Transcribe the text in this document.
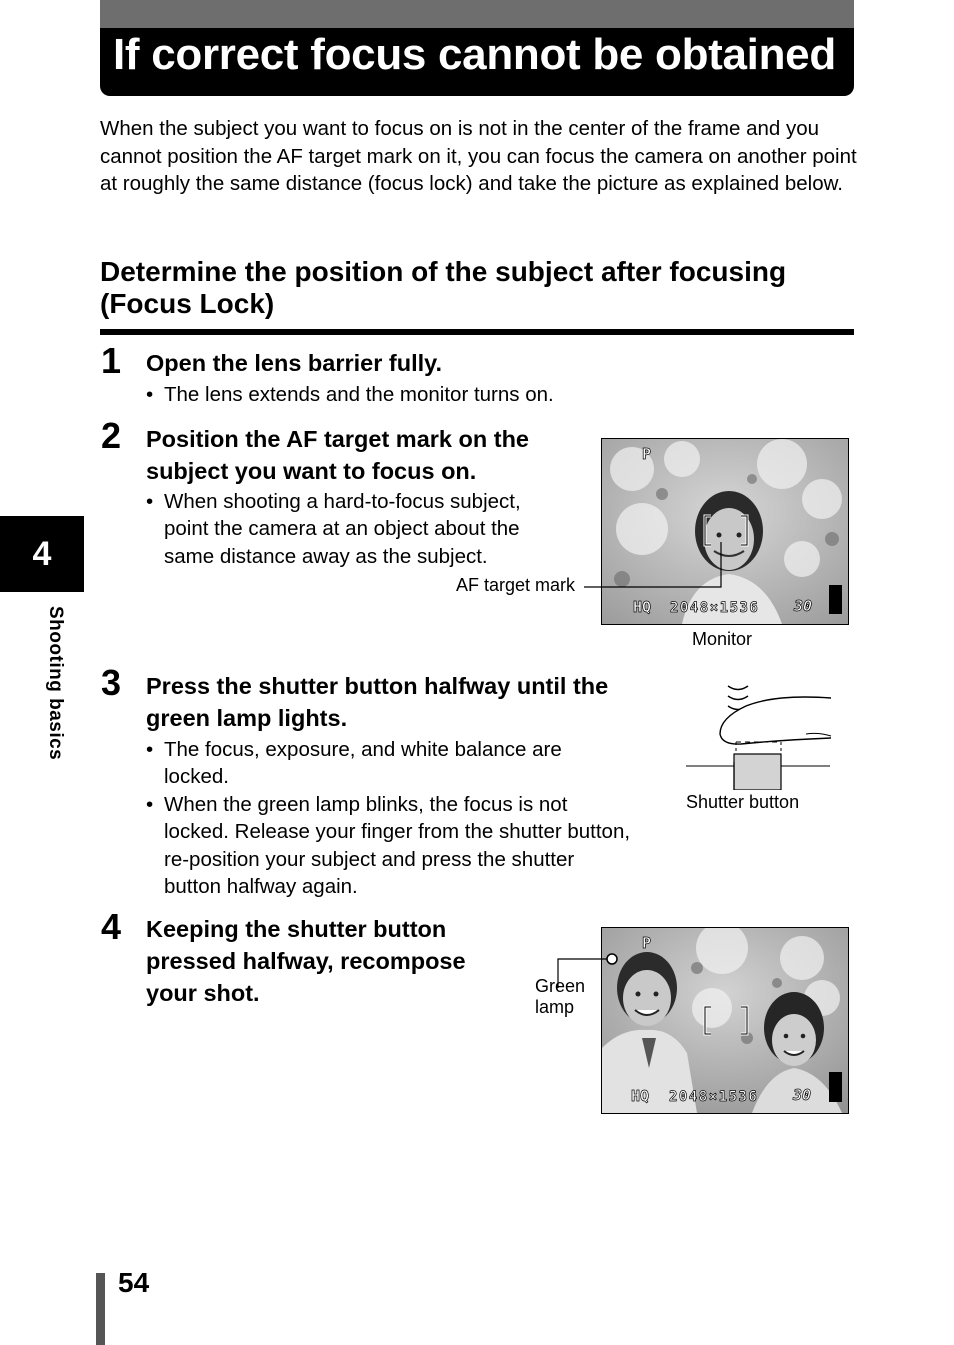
If correct focus cannot be obtained

When the subject you want to focus on is not in the center of the frame and you cannot position the AF target mark on it, you can focus the camera on another point at roughly the same distance (focus lock) and take the picture as explained below.

Determine the position of the subject after focusing
(Focus Lock)
1 Open the lens barrier fully.
• The lens extends and the monitor turns on.
2 Position the AF target mark on the
subject you want to focus on.
• When shooting a hard-to-focus subject,
point the camera at an object about the
same distance away as the subject.
AF target mark
P
HQ 2048×1536 30
Monitor
3 Press the shutter button halfway until the
green lamp lights.
• The focus, exposure, and white balance are
locked.
• When the green lamp blinks, the focus is not
locked. Release your finger from the shutter button,
re-position your subject and press the shutter
button halfway again.
Shutter button
4 Keeping the shutter button
pressed halfway, recompose
your shot.	Green
lamp
P
HQ 2048×1536 30
4
Shooting basics
54
